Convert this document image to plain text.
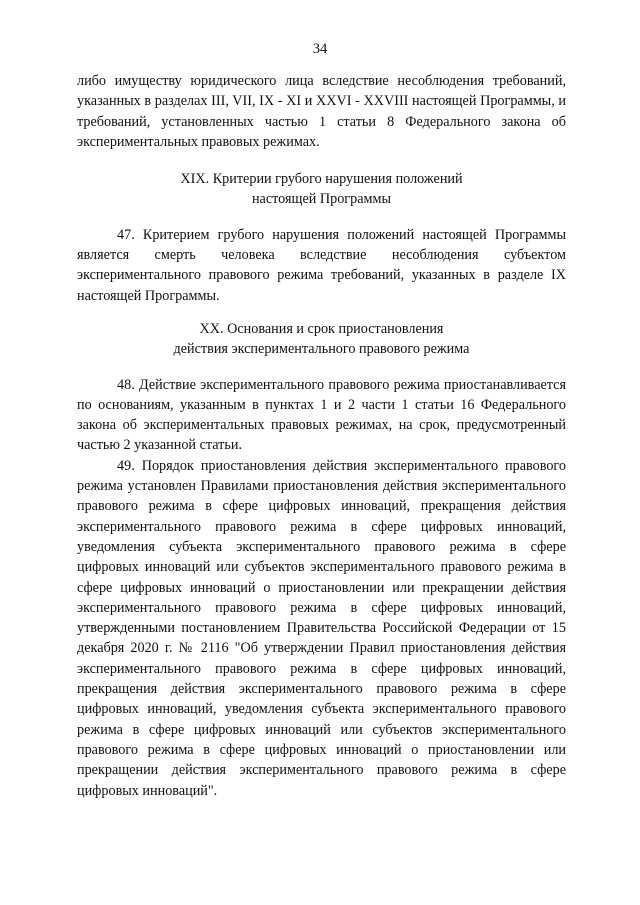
34

либо имуществу юридического лица вследствие несоблюдения требований, указанных в разделах III, VII, IX - XI и XXVI - XXVIII настоящей Программы, и требований, установленных частью 1 статьи 8 Федерального закона об экспериментальных правовых режимах.

XIX. Критерии грубого нарушения положений
настоящей Программы

47. Критерием грубого нарушения положений настоящей Программы является смерть человека вследствие несоблюдения субъектом экспериментального правового режима требований, указанных в разделе IX настоящей Программы.

XX. Основания и срок приостановления
действия экспериментального правового режима

48. Действие экспериментального правового режима приостанавливается по основаниям, указанным в пунктах 1 и 2 части 1 статьи 16 Федерального закона об экспериментальных правовых режимах, на срок, предусмотренный частью 2 указанной статьи.

49. Порядок приостановления действия экспериментального правового режима установлен Правилами приостановления действия экспериментального правового режима в сфере цифровых инноваций, прекращения действия экспериментального правового режима в сфере цифровых инноваций, уведомления субъекта экспериментального правового режима в сфере цифровых инноваций или субъектов экспериментального правового режима в сфере цифровых инноваций о приостановлении или прекращении действия экспериментального правового режима в сфере цифровых инноваций, утвержденными постановлением Правительства Российской Федерации от 15 декабря 2020 г. № 2116 "Об утверждении Правил приостановления действия экспериментального правового режима в сфере цифровых инноваций, прекращения действия экспериментального правового режима в сфере цифровых инноваций, уведомления субъекта экспериментального правового режима в сфере цифровых инноваций или субъектов экспериментального правового режима в сфере цифровых инноваций о приостановлении или прекращении действия экспериментального правового режима в сфере цифровых инноваций".
